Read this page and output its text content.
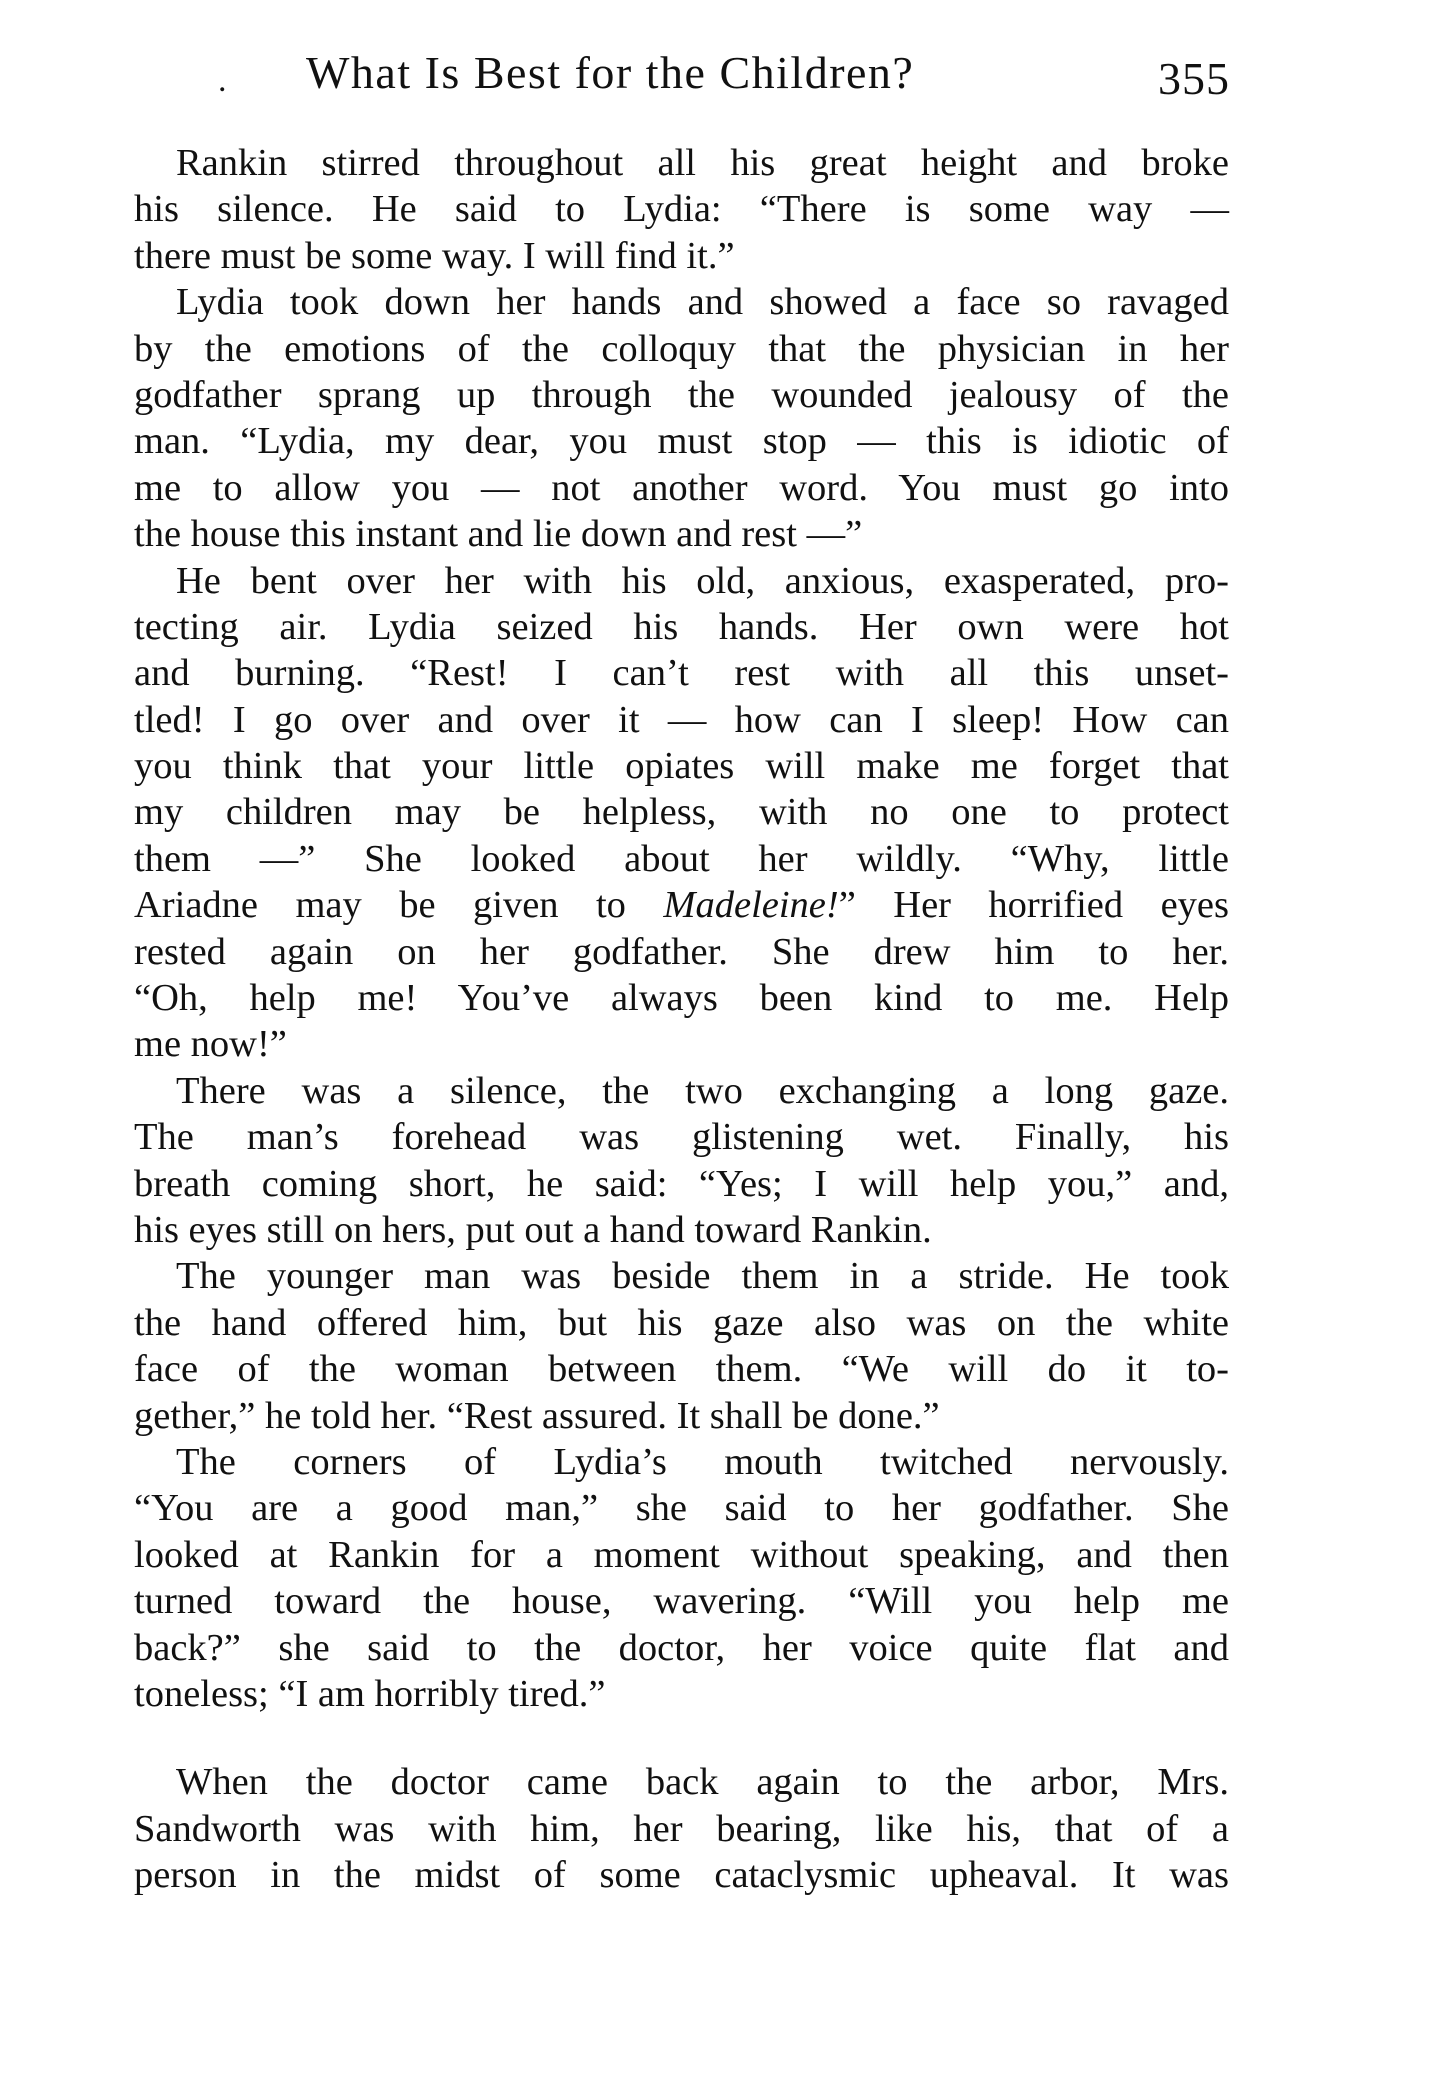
. What Is Best for the Children?	355
Rankin stirred throughout all his great height and broke
his silence. He said to Lydia: “There is some way —
there must be some way. I will find it.”
Lydia took down her hands and showed a face so ravaged
by the emotions of the colloquy that the physician in her
godfather sprang up through the wounded jealousy of the
man. “Lydia, my dear, you must stop — this is idiotic of
me to allow you — not another word. You must go into
the house this instant and lie down and rest —”
He bent over her with his old, anxious, exasperated, pro-
tecting air. Lydia seized his hands. Her own were hot
and burning. “Rest! I can’t rest with all this unset-
tled! I go over and over it — how can I sleep! How can
you think that your little opiates will make me forget that
my children may be helpless, with no one to protect
them —” She looked about her wildly. “Why, little
Ariadne may be given to Madeleine!” Her horrified eyes
rested again on her godfather. She drew him to her.
“Oh, help me! You’ve always been kind to me. Help
me now!”
There was a silence, the two exchanging a long gaze.
The man’s forehead was glistening wet. Finally, his
breath coming short, he said: “Yes; I will help you,” and,
his eyes still on hers, put out a hand toward Rankin.
The younger man was beside them in a stride. He took
the hand offered him, but his gaze also was on the white
face of the woman between them. “We will do it to-
gether,” he told her. “Rest assured. It shall be done.”
The corners of Lydia’s mouth twitched nervously.
“You are a good man,” she said to her godfather. She
looked at Rankin for a moment without speaking, and then
turned toward the house, wavering. “Will you help me
back?” she said to the doctor, her voice quite flat and
toneless; “I am horribly tired.”
When the doctor came back again to the arbor, Mrs.
Sandworth was with him, her bearing, like his, that of a
person in the midst of some cataclysmic upheaval. It was
